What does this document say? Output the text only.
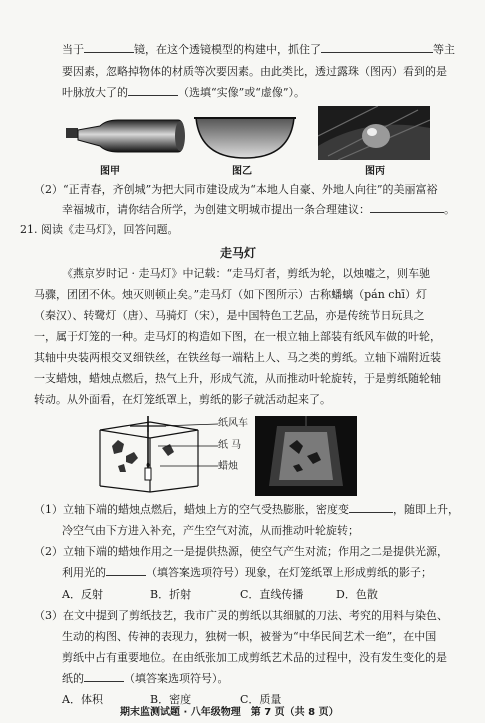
当于	镜，在这个透镜模型的构建中，抓住了	等主
要因素，忽略掉物体的材质等次要因素。由此类比，透过露珠（图丙）看到的是
叶脉放大了的	（选填“实像”或“虚像”）。
图甲	图乙	图丙
（2）“正青春，齐创城”为把大同市建设成为“本地人自豪、外地人向往”的美丽富裕
幸福城市，请你结合所学，为创建文明城市提出一条合理建议：	。
21. 阅读《走马灯》，回答问题。
走马灯
《燕京岁时记 · 走马灯》中记载：“走马灯者，剪纸为轮，以烛嘘之，则车驰
马骤，团团不休。烛灭则顿止矣。”走马灯（如下图所示）古称蟠螭（pán chī）灯
（秦汉）、转鹭灯（唐）、马骑灯（宋），是中国特色工艺品，亦是传统节日玩具之
一，属于灯笼的一种。走马灯的构造如下图，在一根立轴上部装有纸风车做的叶轮，
其轴中央装两根交叉细铁丝，在铁丝每一端粘上人、马之类的剪纸。立轴下端附近装
一支蜡烛，蜡烛点燃后，热气上升，形成气流，从而推动叶轮旋转，于是剪纸随轮轴
转动。从外面看，在灯笼纸罩上，剪纸的影子就活动起来了。
纸风车
纸 马
蜡烛
（1）立轴下端的蜡烛点燃后，蜡烛上方的空气受热膨胀，密度变	，随即上升，
冷空气由下方进入补充，产生空气对流，从而推动叶轮旋转；
（2）立轴下端的蜡烛作用之一是提供热源，使空气产生对流；作用之二是提供光源，
利用光的	（填答案选项符号）现象，在灯笼纸罩上形成剪纸的影子；
A．反射	B．折射	C．直线传播	D．色散
（3）在文中提到了剪纸技艺，我市广灵的剪纸以其细腻的刀法、考究的用料与染色、
生动的构图、传神的表现力，独树一帜，被誉为“中华民间艺术一绝”，在中国
剪纸中占有重要地位。在由纸张加工成剪纸艺术品的过程中，没有发生变化的是
纸的	（填答案选项符号）。
A．体积	B．密度	C．质量
期末监测试题 · 八年级物理　第 7 页（共 8 页）
